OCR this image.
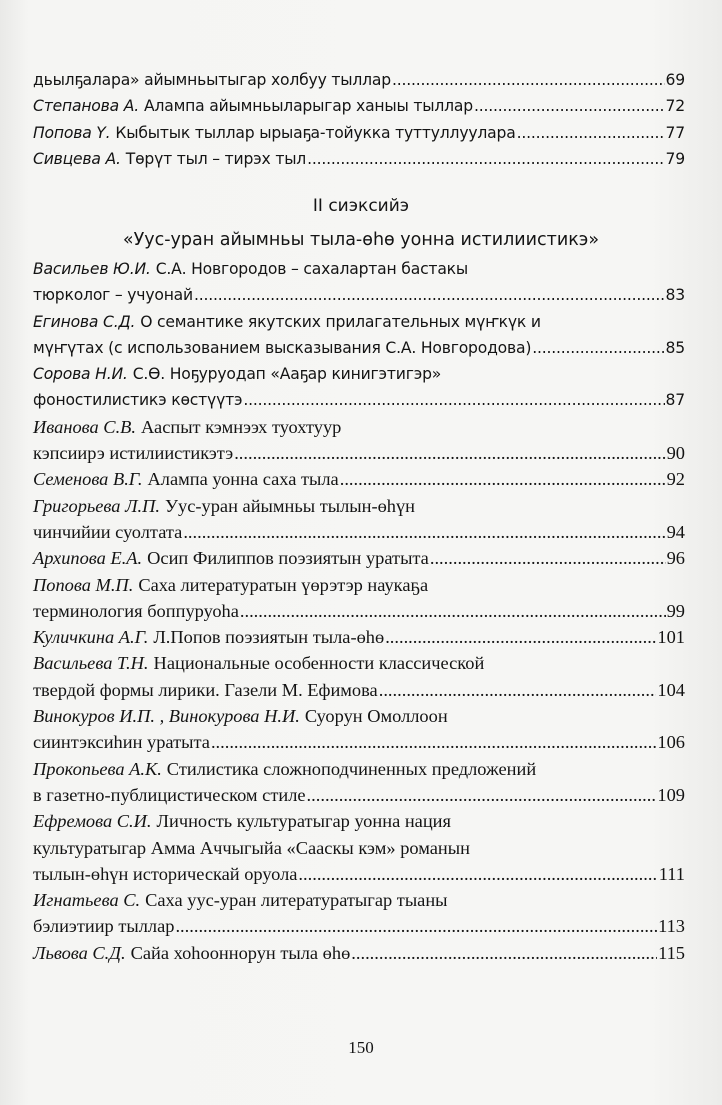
дьылҕалара» айымньытыгар холбуу тыллар .....	69
Степанова А. Алампа айымньыларыгар ханыы тыллар .....	72
Попова Ү. Кыбытык тыллар ырыаҕа-тойукка туттуллуулара .....	77
Сивцева А. Төрүт тыл – тирэх тыл .....	79
II сиэксийэ
«Уус-уран айымньы тыла-өһө уонна истилиистикэ»
Васильев Ю.И. С.А. Новгородов – сахалартан бастакы
тюрколог – учуонай .....	83
Егинова С.Д. О семантике якутских прилагательных мүҥкүк и
мүҥүтах (с использованием высказывания С.А. Новгородова) .....	85
Сорова Н.И. С.Ө. Ноҕуруодап «Ааҕар кинигэтигэр»
фоностилистикэ көстүүтэ .....	87
Иванова С.В. Ааспыт кэмнээх туохтуур
кэпсиирэ истилиистикэтэ .....	90
Семенова В.Г. Алампа уонна саха тыла .....	92
Григорьева Л.П. Уус-уран айымньы тылын-өһүн
чинчийии суолтата .....	94
Архипова Е.А. Осип Филиппов поэзиятын уратыта .....	96
Попова М.П. Саха литературатын үөрэтэр наукаҕа
терминология боппуруоһа .....	99
Куличкина А.Г. Л.Попов поэзиятын тыла-өһө .....	101
Васильева Т.Н. Национальные особенности классической
твердой формы лирики. Газели М. Ефимова .....	104
Винокуров И.П. , Винокурова Н.И. Суорун Омоллоон
сиинтэксиһин уратыта .....	106
Прокопьева А.К. Стилистика сложноподчиненных предложений
в газетно-публицистическом стиле .....	109
Ефремова С.И. Личность культуратыгар уонна нация
культуратыгар Амма Аччыгыйа «Сааскы кэм» романын
тылын-өһүн историческай оруола .....	111
Игнатьева С. Саха уус-уран литературатыгар тыаны
бэлиэтиир тыллар .....	113
Львова С.Д. Сайа хоһооннорун тыла өһө .....	115
150
